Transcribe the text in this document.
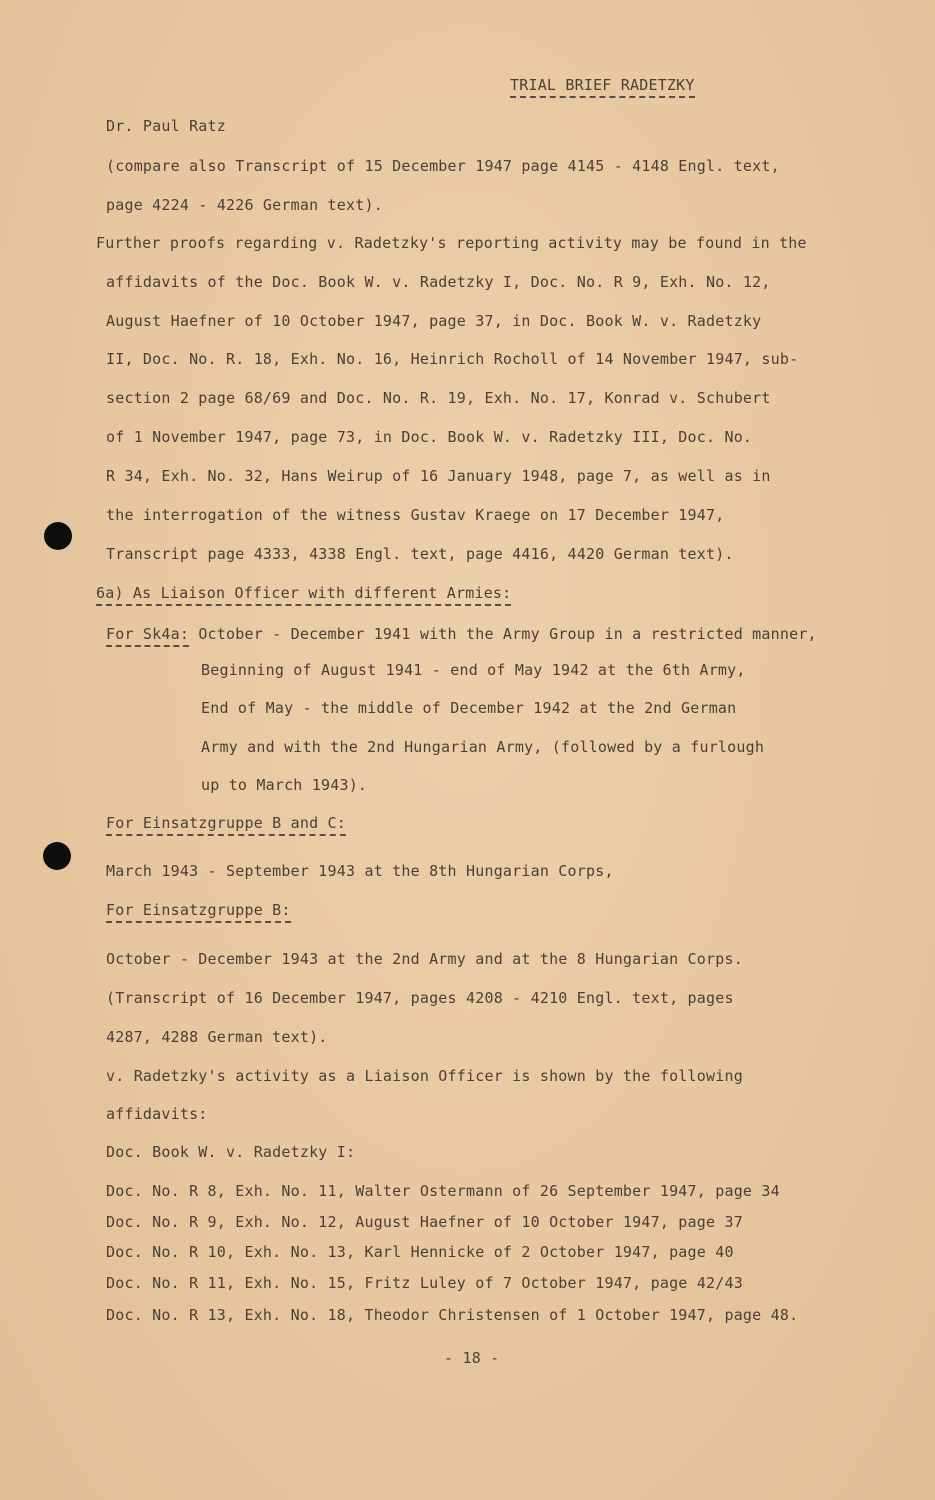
TRIAL BRIEF RADETZKY
Dr. Paul Ratz
(compare also Transcript of 15 December 1947 page 4145 - 4148 Engl. text,
page 4224 - 4226 German text).
Further proofs regarding v. Radetzky's reporting activity may be found in the
affidavits of the Doc. Book W. v. Radetzky I, Doc. No. R 9, Exh. No. 12,
August Haefner of 10 October 1947, page 37, in Doc. Book W. v. Radetzky
II, Doc. No. R. 18, Exh. No. 16, Heinrich Rocholl of 14 November 1947, sub-
section 2 page 68/69 and Doc. No. R. 19, Exh. No. 17, Konrad v. Schubert
of 1 November 1947, page 73, in Doc. Book W. v. Radetzky III, Doc. No.
R 34, Exh. No. 32, Hans Weirup of 16 January 1948, page 7, as well as in
the interrogation of the witness Gustav Kraege on 17 December 1947,
Transcript page 4333, 4338 Engl. text, page 4416, 4420 German text).
6a) As Liaison Officer with different Armies:
For Sk4a: October - December 1941 with the Army Group in a restricted manner,
Beginning of August 1941 - end of May 1942 at the 6th Army,
End of May - the middle of December 1942 at the 2nd German
Army and with the 2nd Hungarian Army, (followed by a furlough
up to March 1943).
For Einsatzgruppe B and C:
March 1943 - September 1943 at the 8th Hungarian Corps,
For Einsatzgruppe B:
October - December 1943 at the 2nd Army and at the 8 Hungarian Corps.
(Transcript of 16 December 1947, pages 4208 - 4210 Engl. text, pages
4287, 4288 German text).
v. Radetzky's activity as a Liaison Officer is shown by the following
affidavits:
Doc. Book W. v. Radetzky I:
Doc. No. R 8, Exh. No. 11, Walter Ostermann of 26 September 1947, page 34
Doc. No. R 9, Exh. No. 12, August Haefner of 10 October 1947, page 37
Doc. No. R 10, Exh. No. 13, Karl Hennicke of 2 October 1947, page 40
Doc. No. R 11, Exh. No. 15, Fritz Luley of 7 October 1947, page 42/43
Doc. No. R 13, Exh. No. 18, Theodor Christensen of 1 October 1947, page 48.
- 18 -
